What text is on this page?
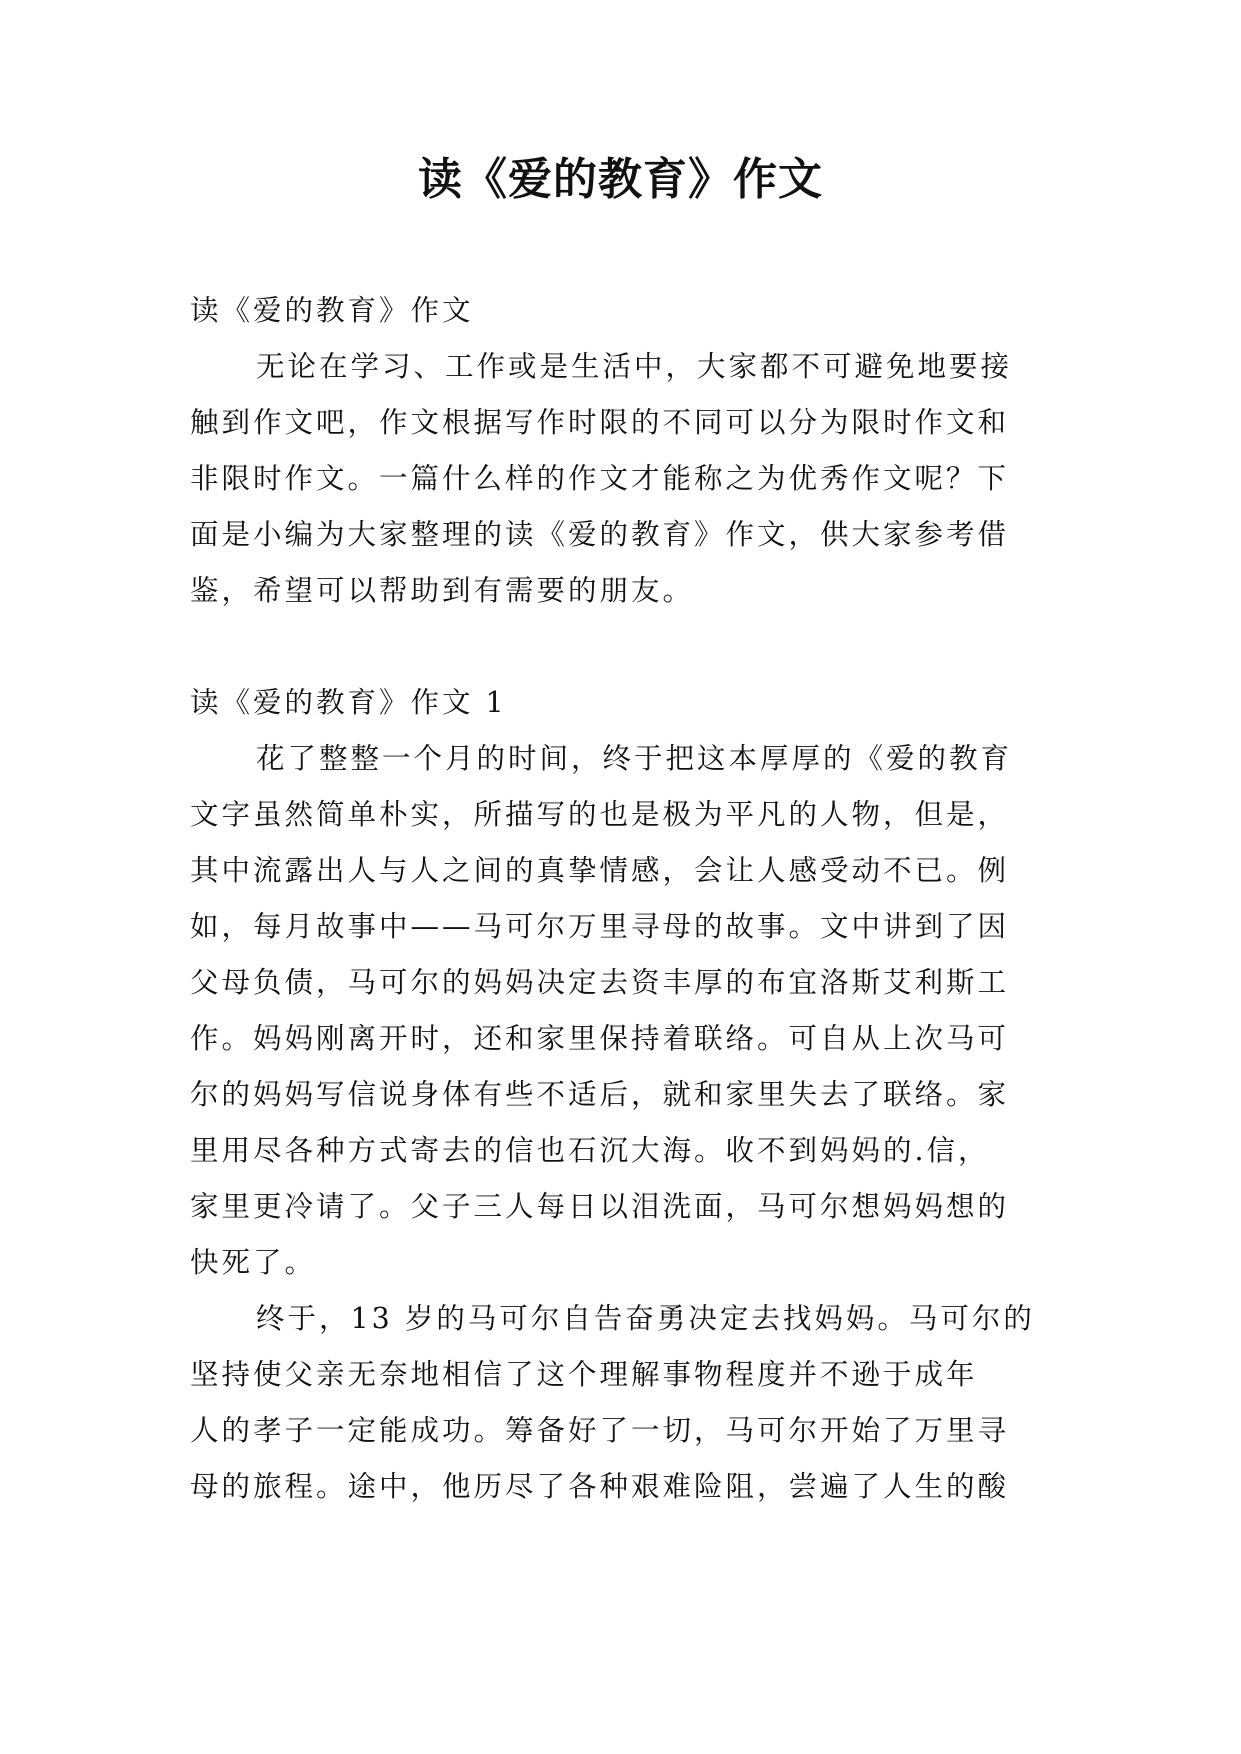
读《爱的教育》作文
读《爱的教育》作文
无论在学习、工作或是生活中，大家都不可避免地要接
触到作文吧，作文根据写作时限的不同可以分为限时作文和
非限时作文。一篇什么样的作文才能称之为优秀作文呢？下
面是小编为大家整理的读《爱的教育》作文，供大家参考借
鉴，希望可以帮助到有需要的朋友。
读《爱的教育》作文 1
花了整整一个月的时间，终于把这本厚厚的《爱的教育
文字虽然简单朴实，所描写的也是极为平凡的人物，但是，
其中流露出人与人之间的真挚情感，会让人感受动不已。例
如，每月故事中——马可尔万里寻母的故事。文中讲到了因
父母负债，马可尔的妈妈决定去资丰厚的布宜洛斯艾利斯工
作。妈妈刚离开时，还和家里保持着联络。可自从上次马可
尔的妈妈写信说身体有些不适后，就和家里失去了联络。家
里用尽各种方式寄去的信也石沉大海。收不到妈妈的.信，
家里更冷请了。父子三人每日以泪洗面，马可尔想妈妈想的
快死了。
终于，13 岁的马可尔自告奋勇决定去找妈妈。马可尔的
坚持使父亲无奈地相信了这个理解事物程度并不逊于成年
人的孝子一定能成功。筹备好了一切，马可尔开始了万里寻
母的旅程。途中，他历尽了各种艰难险阻，尝遍了人生的酸
